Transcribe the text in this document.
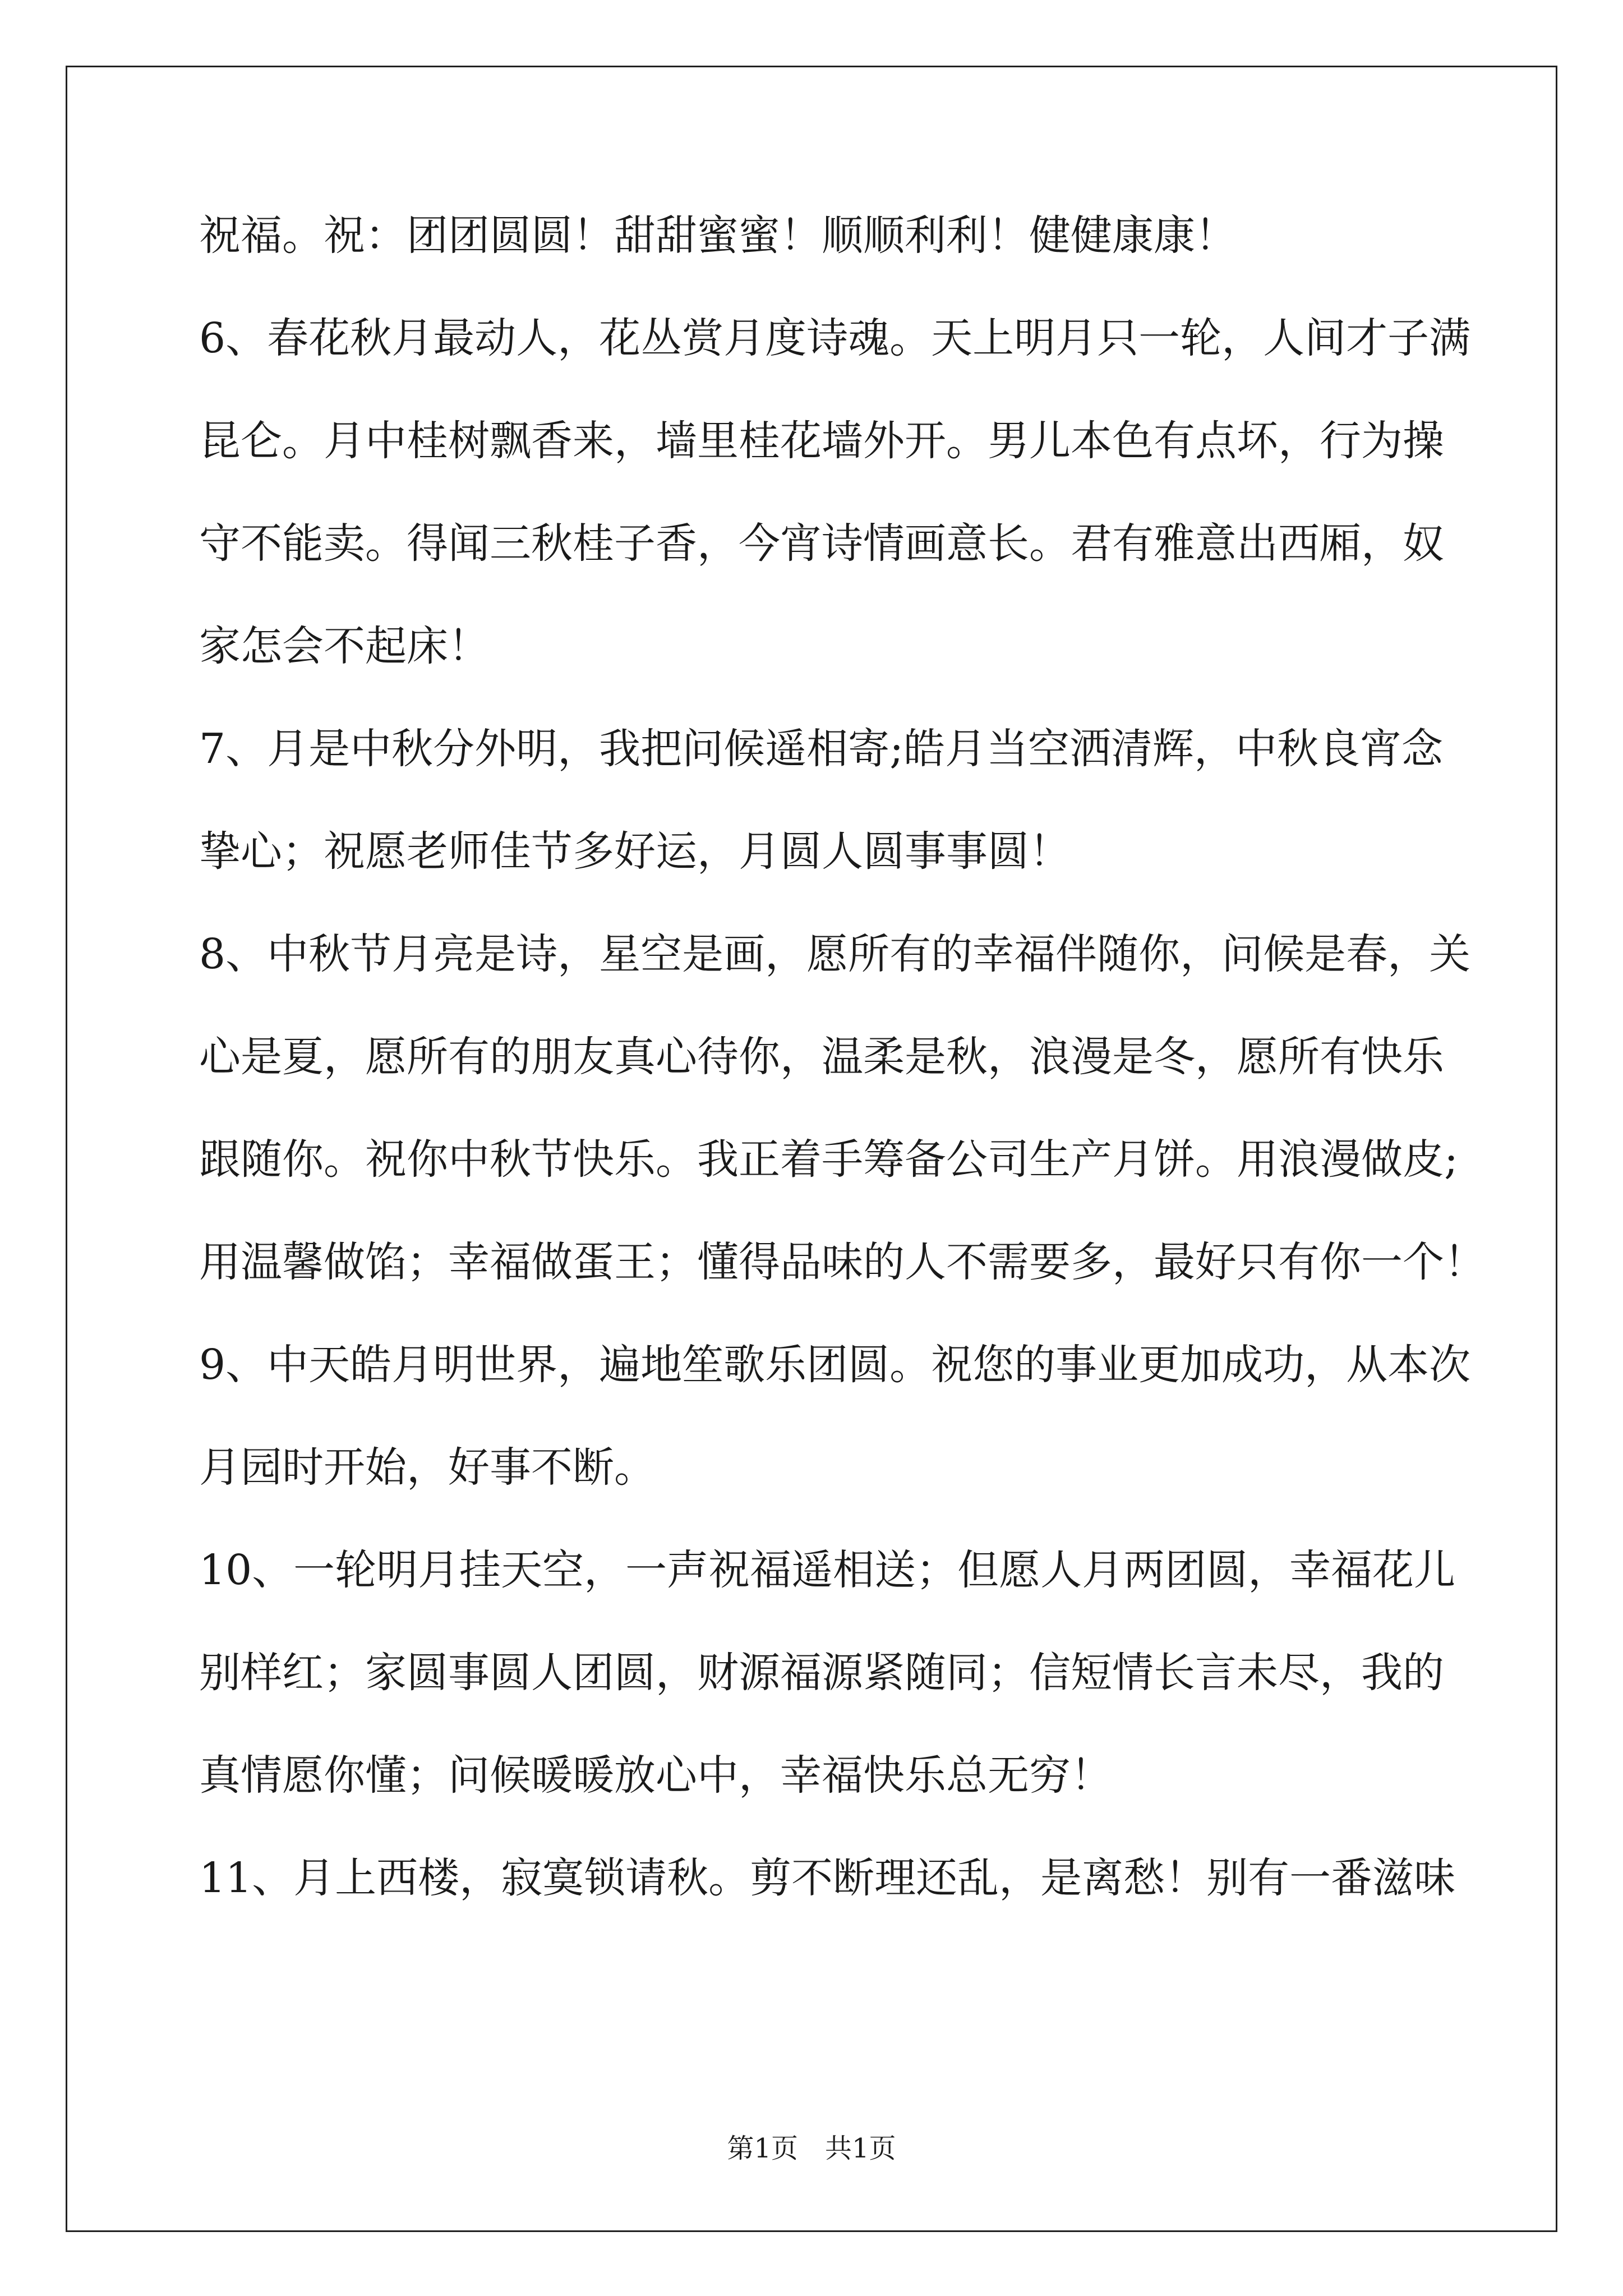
祝福。祝：团团圆圆！甜甜蜜蜜！顺顺利利！健健康康！
6、春花秋月最动人，花丛赏月度诗魂。天上明月只一轮，人间才子满
昆仑。月中桂树飘香来，墙里桂花墙外开。男儿本色有点坏，行为操
守不能卖。得闻三秋桂子香，今宵诗情画意长。君有雅意出西厢，奴
家怎会不起床！
7、月是中秋分外明，我把问候遥相寄;皓月当空洒清辉，中秋良宵念
挚心；祝愿老师佳节多好运，月圆人圆事事圆！
8、中秋节月亮是诗，星空是画，愿所有的幸福伴随你，问候是春，关
心是夏，愿所有的朋友真心待你，温柔是秋，浪漫是冬，愿所有快乐
跟随你。祝你中秋节快乐。我正着手筹备公司生产月饼。用浪漫做皮;
用温馨做馅；幸福做蛋王；懂得品味的人不需要多，最好只有你一个！
9、中天皓月明世界，遍地笙歌乐团圆。祝您的事业更加成功，从本次
月园时开始，好事不断。
10、一轮明月挂天空，一声祝福遥相送；但愿人月两团圆，幸福花儿
别样红；家圆事圆人团圆，财源福源紧随同；信短情长言未尽，我的
真情愿你懂；问候暖暖放心中，幸福快乐总无穷！
11、月上西楼，寂寞锁请秋。剪不断理还乱，是离愁！别有一番滋味
第1页　共1页
